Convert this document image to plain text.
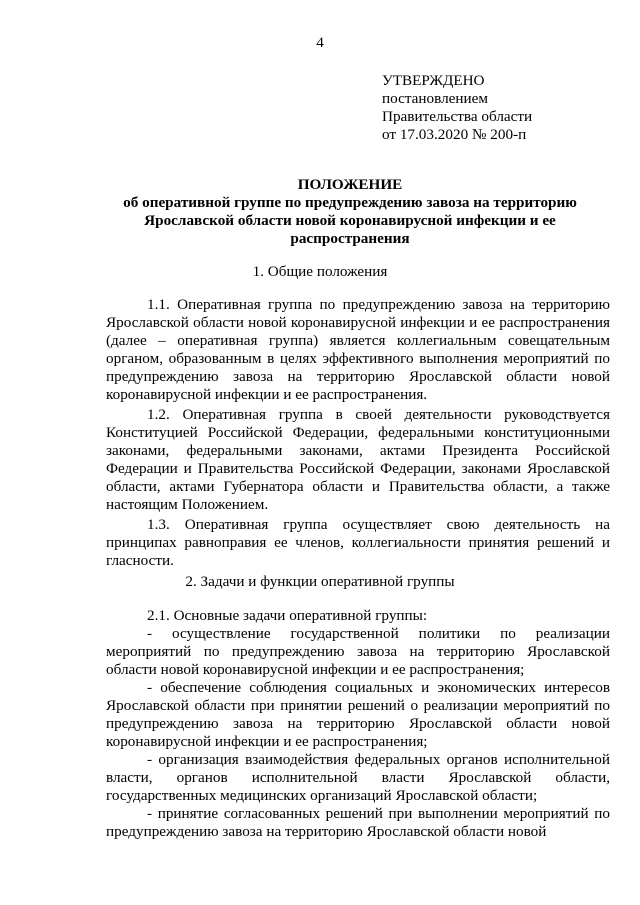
4
УТВЕРЖДЕНО
постановлением
Правительства области
от 17.03.2020 № 200-п
ПОЛОЖЕНИЕ
об оперативной группе по предупреждению завоза на территорию
Ярославской области новой коронавирусной инфекции и ее
распространения
1. Общие положения

1.1. Оперативная группа по предупреждению завоза на территорию Ярославской области новой коронавирусной инфекции и ее распространения (далее – оперативная группа) является коллегиальным совещательным органом, образованным в целях эффективного выполнения мероприятий по предупреждению завоза на территорию Ярославской области новой коронавирусной инфекции и ее распространения.

1.2. Оперативная группа в своей деятельности руководствуется Конституцией Российской Федерации, федеральными конституционными законами, федеральными законами, актами Президента Российской Федерации и Правительства Российской Федерации, законами Ярославской области, актами Губернатора области и Правительства области, а также настоящим Положением.

1.3. Оперативная группа осуществляет свою деятельность на принципах равноправия ее членов, коллегиальности принятия решений и гласности.

2. Задачи и функции оперативной группы

2.1. Основные задачи оперативной группы:

- осуществление государственной политики по реализации мероприятий по предупреждению завоза на территорию Ярославской области новой коронавирусной инфекции и ее распространения;

- обеспечение соблюдения социальных и экономических интересов Ярославской области при принятии решений о реализации мероприятий по предупреждению завоза на территорию Ярославской области новой коронавирусной инфекции и ее распространения;

- организация взаимодействия федеральных органов исполнительной власти, органов исполнительной власти Ярославской области, государственных медицинских организаций Ярославской области;

- принятие согласованных решений при выполнении мероприятий по предупреждению завоза на территорию Ярославской области новой
